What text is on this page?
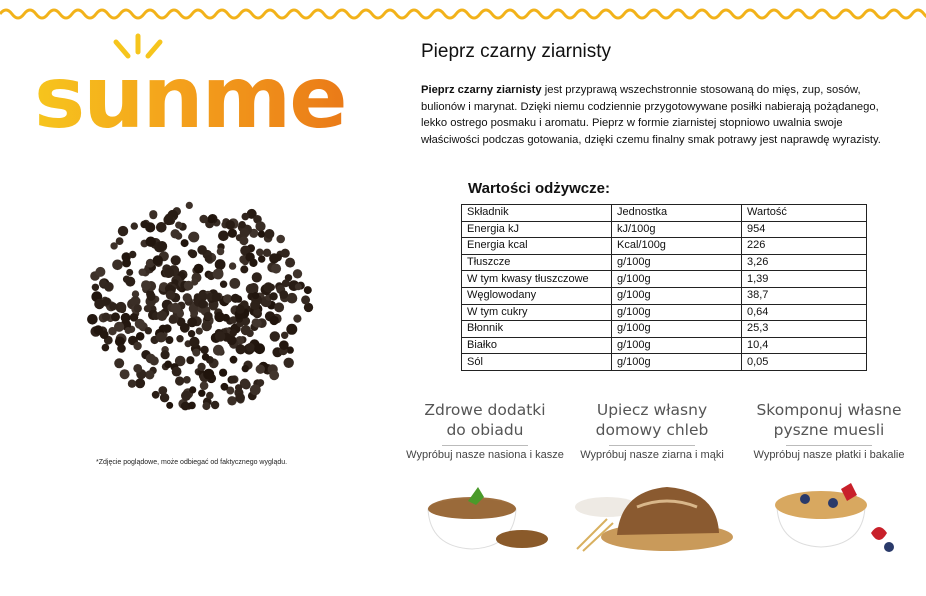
sunme
*Zdjęcie poglądowe, może odbiegać od faktycznego wyglądu.
Pieprz czarny ziarnisty
Pieprz czarny ziarnisty jest przyprawą wszechstronnie stosowaną do mięs, zup, sosów, bulionów i marynat. Dzięki niemu codziennie przygotowywane posiłki nabierają pożądanego, lekko ostrego posmaku i aromatu. Pieprz w formie ziarnistej stopniowo uwalnia swoje właściwości podczas gotowania, dzięki czemu finalny smak potrawy jest naprawdę wyrazisty.
Wartości odżywcze:
Składnik	Jednostka	Wartość
Energia kJ	kJ/100g	954
Energia kcal	Kcal/100g	226
Tłuszcze	g/100g	3,26
W tym kwasy tłuszczowe	g/100g	1,39
Węglowodany	g/100g	38,7
W tym cukry	g/100g	0,64
Błonnik	g/100g	25,3
Białko	g/100g	10,4
Sól	g/100g	0,05
Zdrowe dodatki
do obiadu
Wypróbuj nasze nasiona i kasze
Upiecz własny
domowy chleb
Wypróbuj nasze ziarna i mąki
Skomponuj własne
pyszne muesli
Wypróbuj nasze płatki i bakalie
